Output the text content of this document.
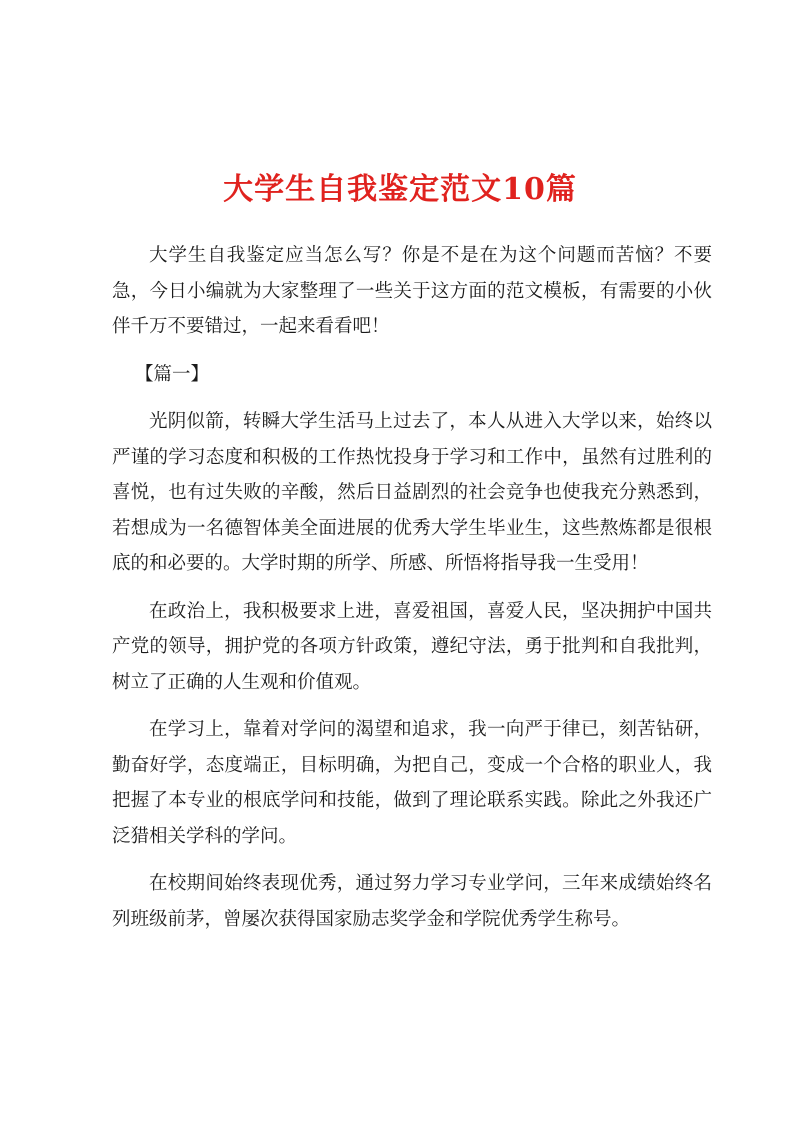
大学生自我鉴定范文10篇

大学生自我鉴定应当怎么写？你是不是在为这个问题而苦恼？不要急，今日小编就为大家整理了一些关于这方面的范文模板，有需要的小伙伴千万不要错过，一起来看看吧！

【篇一】

光阴似箭，转瞬大学生活马上过去了，本人从进入大学以来，始终以严谨的学习态度和积极的工作热忱投身于学习和工作中，虽然有过胜利的喜悦，也有过失败的辛酸，然后日益剧烈的社会竞争也使我充分熟悉到，若想成为一名德智体美全面进展的优秀大学生毕业生，这些熬炼都是很根底的和必要的。大学时期的所学、所感、所悟将指导我一生受用！

在政治上，我积极要求上进，喜爱祖国，喜爱人民，坚决拥护中国共产党的领导，拥护党的各项方针政策，遵纪守法，勇于批判和自我批判，树立了正确的人生观和价值观。

在学习上，靠着对学问的渴望和追求，我一向严于律已，刻苦钻研，勤奋好学，态度端正，目标明确，为把自己，变成一个合格的职业人，我把握了本专业的根底学问和技能，做到了理论联系实践。除此之外我还广泛猎相关学科的学问。

在校期间始终表现优秀，通过努力学习专业学问，三年来成绩始终名列班级前茅，曾屡次获得国家励志奖学金和学院优秀学生称号。
